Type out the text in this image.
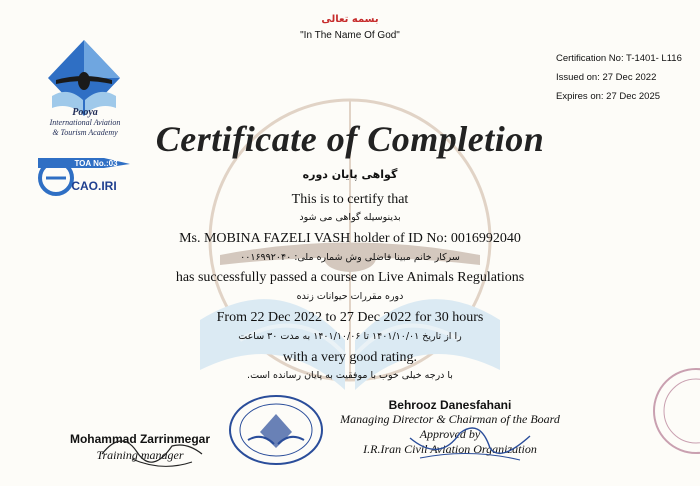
بسمه تعالی
"In The Name Of God"
Pooya
International Aviation
& Tourism Academy
TOA No.:03
CAO.IRI
Certification No: T-1401- L116
Issued on: 27 Dec 2022
Expires on: 27 Dec 2025
Certificate of Completion
گواهی پایان دوره
This is to certify that
بدینوسیله گواهی می شود
Ms. MOBINA FAZELI VASH holder of ID No: 0016992040
سرکار خانم مبینا فاضلی وش شماره ملی: ۰۰۱۶۹۹۲۰۴۰
has successfully passed a course on Live Animals Regulations
دوره مقررات حیوانات زنده
From 22 Dec 2022 to 27 Dec 2022 for 30 hours
را از تاریخ ۱۴۰۱/۱۰/۰۱ تا ۱۴۰۱/۱۰/۰۶ به مدت ۳۰ ساعت
with a very good rating.
با درجه خیلی خوب با موفقیت به پایان رسانده است.
Mohammad Zarrinmegar
Training manager
Behrooz Danesfahani
Managing Director & Chairman of the Board
Approved by
I.R.Iran Civil Aviation Organization
